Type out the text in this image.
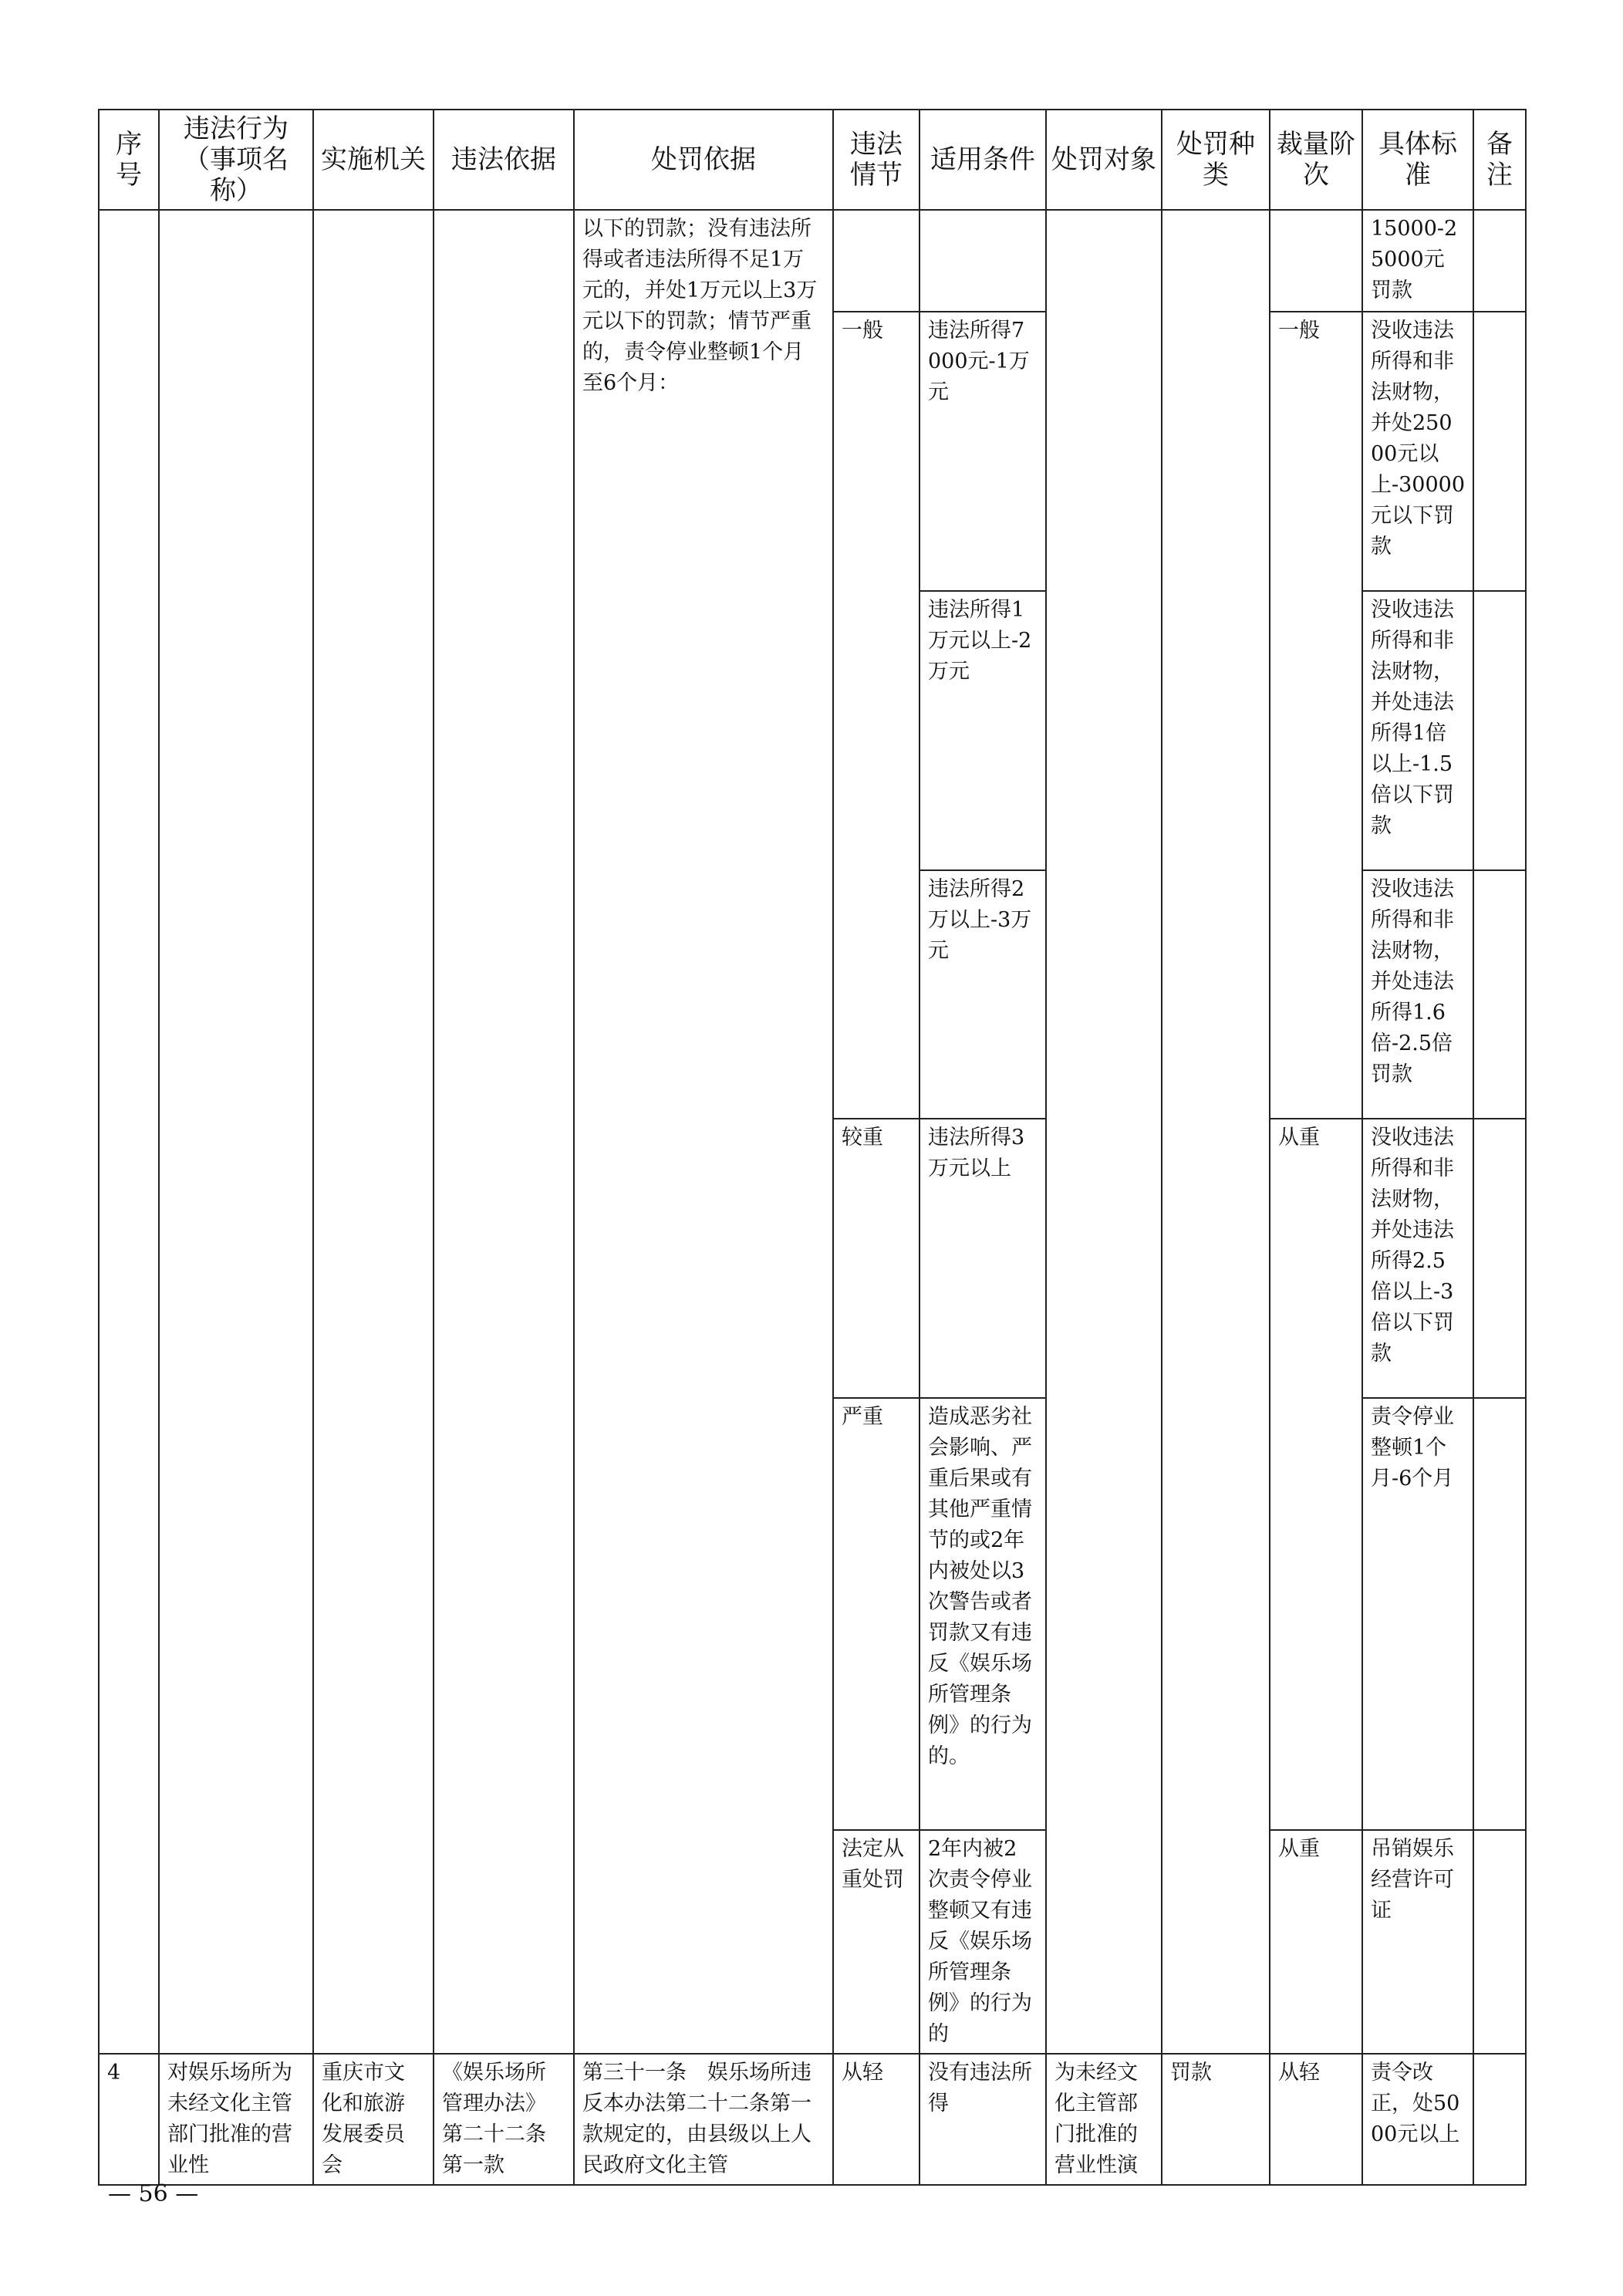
序号	违法行为（事项名称）	实施机关	违法依据	处罚依据	违法情节	适用条件	处罚对象	处罚种类	裁量阶次	具体标准	备注
				以下的罚款；没有违法所得或者违法所得不足1万元的，并处1万元以上3万元以下的罚款；情节严重的，责令停业整顿1个月至6个月：						15000-25000元罚款	
					一般	违法所得7000元-1万元			一般	没收违法所得和非法财物，并处25000元以上-30000元以下罚款	
						违法所得1万元以上-2万元				没收违法所得和非法财物，并处违法所得1倍以上-1.5倍以下罚款	
						违法所得2万以上-3万元				没收违法所得和非法财物，并处违法所得1.6倍-2.5倍罚款	
					较重	违法所得3万元以上			从重	没收违法所得和非法财物，并处违法所得2.5倍以上-3倍以下罚款	
					严重	造成恶劣社会影响、严重后果或有其他严重情节的或2年内被处以3次警告或者罚款又有违反《娱乐场所管理条例》的行为的。				责令停业整顿1个月-6个月	
					法定从重处罚	2年内被2次责令停业整顿又有违反《娱乐场所管理条例》的行为的			从重	吊销娱乐经营许可证	
4	对娱乐场所为未经文化主管部门批准的营业性	重庆市文化和旅游发展委员会	《娱乐场所管理办法》第二十二条第一款	第三十一条　娱乐场所违反本办法第二十二条第一款规定的，由县级以上人民政府文化主管	从轻	没有违法所得	为未经文化主管部门批准的营业性演	罚款	从轻	责令改正，处5000元以上	
— 56 —
